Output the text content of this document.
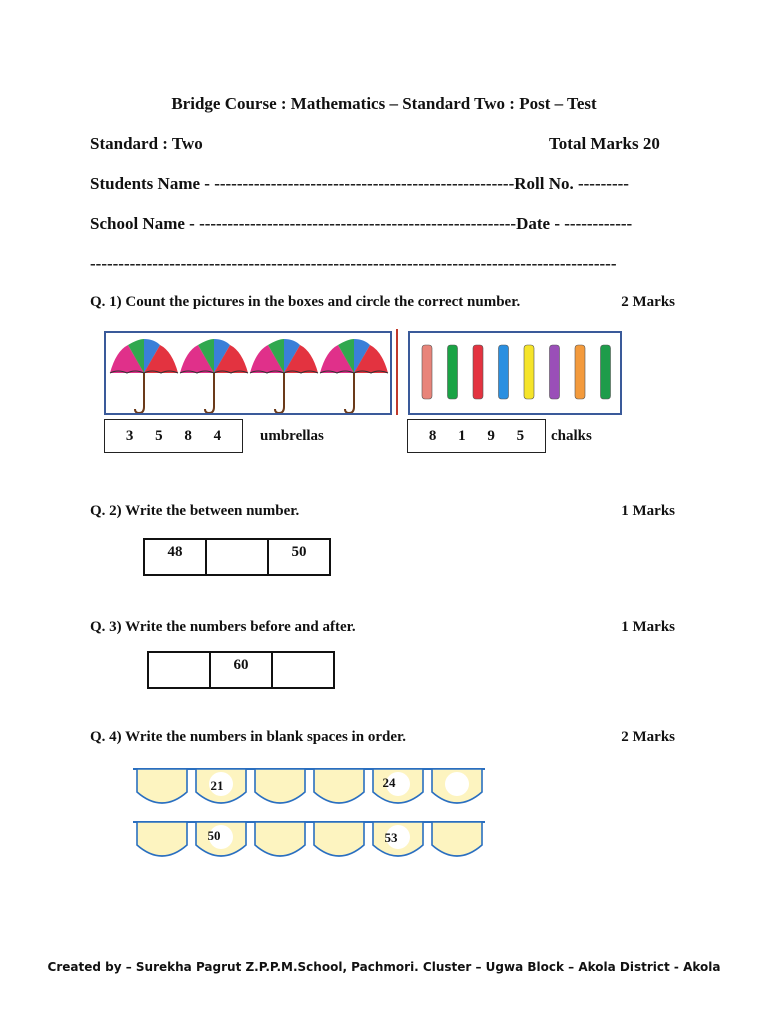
Bridge Course : Mathematics – Standard Two : Post – Test
Standard : Two	Total Marks 20
Students Name - -----------------------------------------------------Roll No. ---------
School Name - --------------------------------------------------------Date - ------------
---------------------------------------------------------------------------------------------
Q. 1) Count the pictures in the boxes and circle the correct number.	2 Marks
3 5 8 4	umbrellas	8 1 9 5 chalks
Q. 2) Write the between number.	1 Marks
48	50
Q. 3) Write the numbers before and after.	1 Marks
60
Q. 4) Write the numbers in blank spaces in order.	2 Marks
21	24
50	53
Created by – Surekha Pagrut Z.P.P.M.School, Pachmori. Cluster – Ugwa Block – Akola District - Akola
